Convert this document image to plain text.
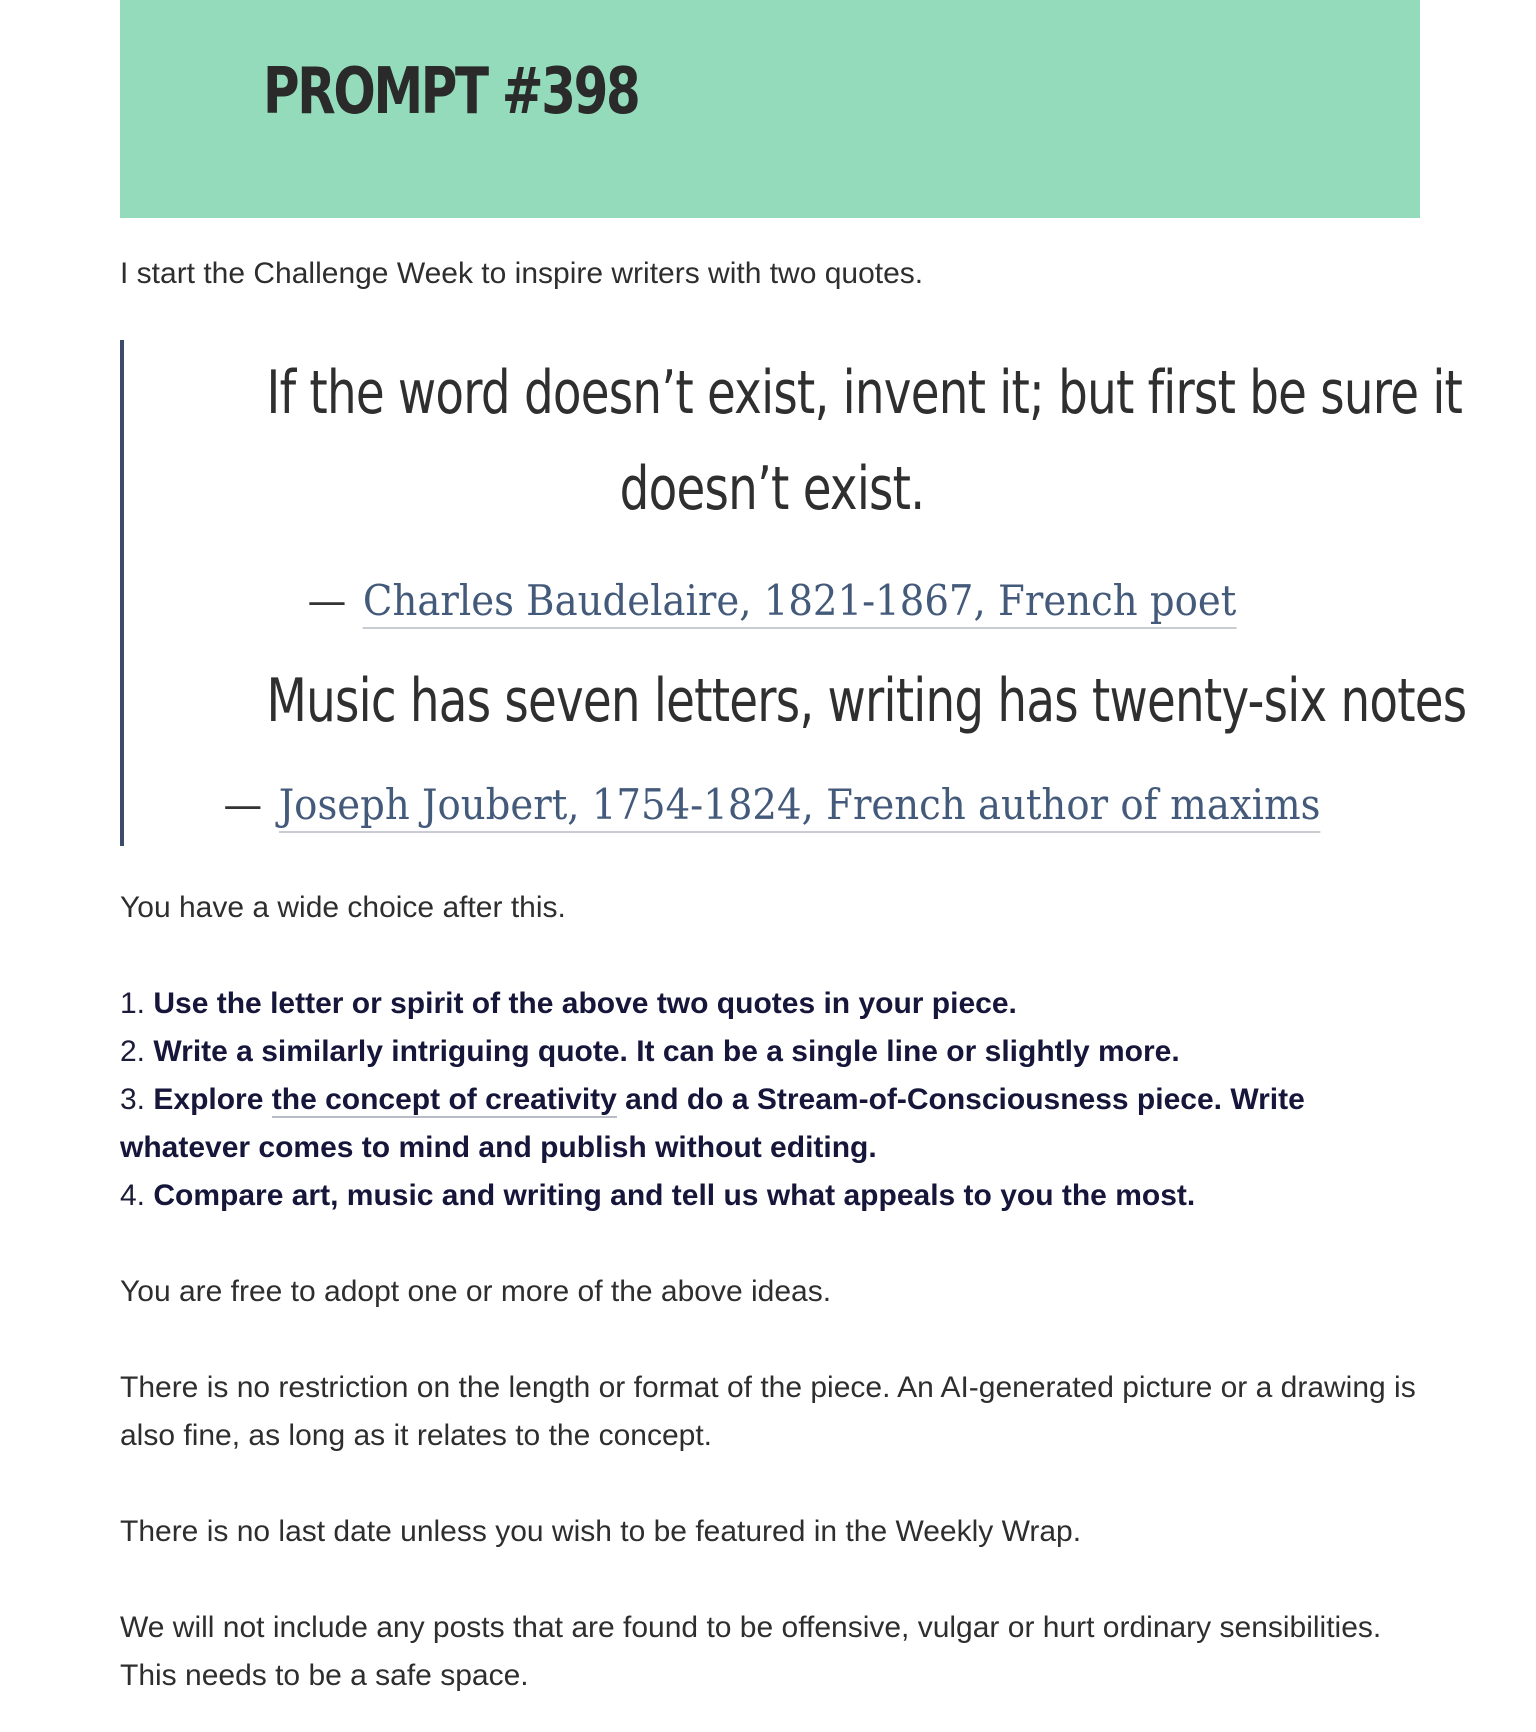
PROMPT #398

I start the Challenge Week to inspire writers with two quotes.

If the word doesn’t exist, invent it; but first be sure it
doesn’t exist.
— Charles Baudelaire, 1821-1867, French poet
Music has seven letters, writing has twenty-six notes
— Joseph Joubert, 1754-1824, French author of maxims

You have a wide choice after this.

1. Use the letter or spirit of the above two quotes in your piece.

2. Write a similarly intriguing quote. It can be a single line or slightly more.

3. Explore the concept of creativity and do a Stream-of-Consciousness piece. Write whatever comes to mind and publish without editing.

4. Compare art, music and writing and tell us what appeals to you the most.

You are free to adopt one or more of the above ideas.

There is no restriction on the length or format of the piece. An AI-generated picture or a drawing is also fine, as long as it relates to the concept.

There is no last date unless you wish to be featured in the Weekly Wrap.

We will not include any posts that are found to be offensive, vulgar or hurt ordinary sensibilities. This needs to be a safe space.
